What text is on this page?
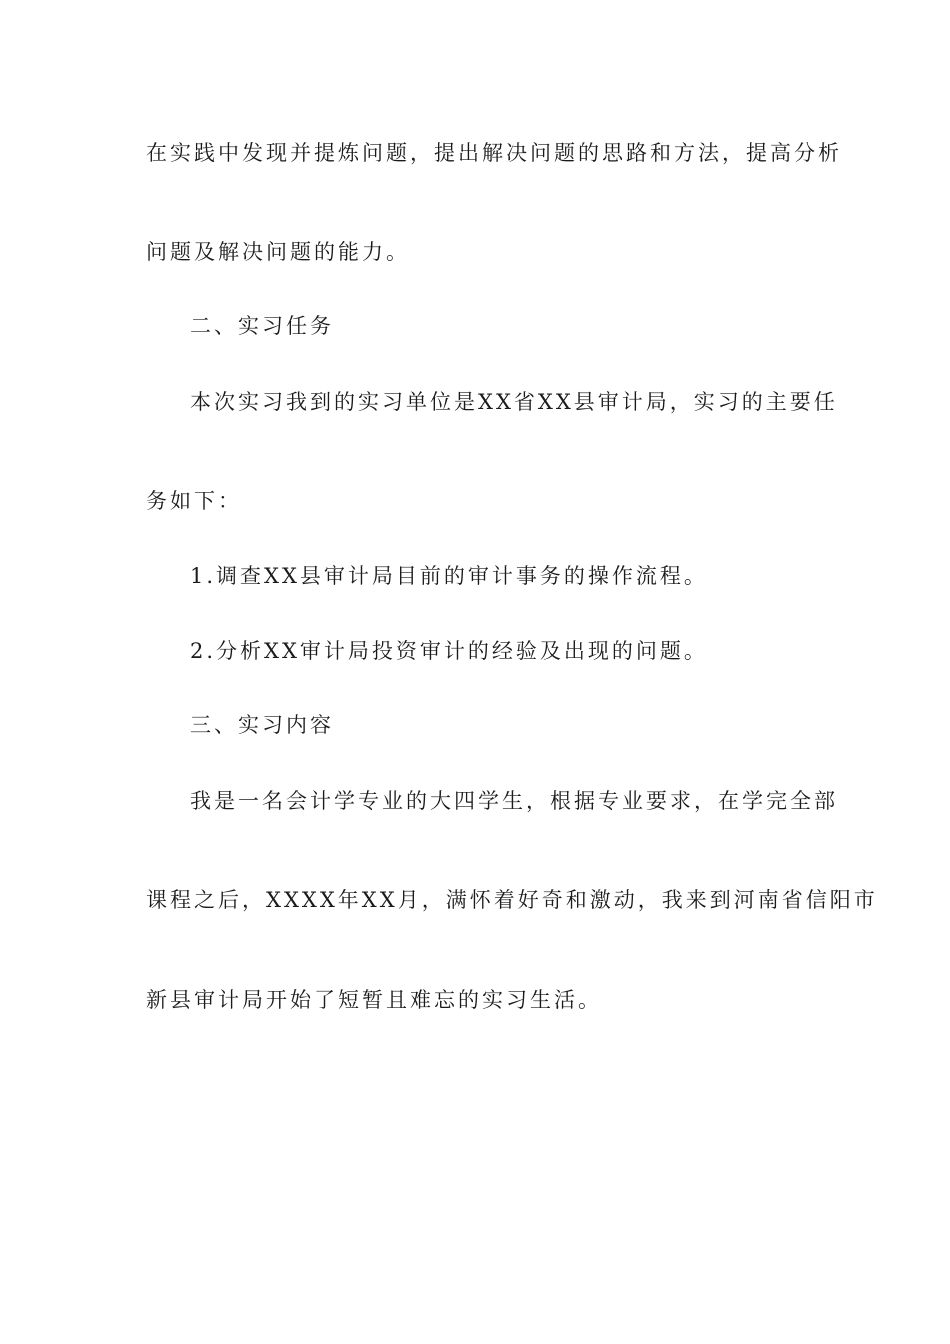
在实践中发现并提炼问题，提出解决问题的思路和方法，提高分析
问题及解决问题的能力。
二、实习任务
本次实习我到的实习单位是XX省XX县审计局，实习的主要任
务如下：
1.调查XX县审计局目前的审计事务的操作流程。
2.分析XX审计局投资审计的经验及出现的问题。
三、实习内容
我是一名会计学专业的大四学生，根据专业要求，在学完全部
课程之后，XXXX年XX月，满怀着好奇和激动，我来到河南省信阳市
新县审计局开始了短暂且难忘的实习生活。
